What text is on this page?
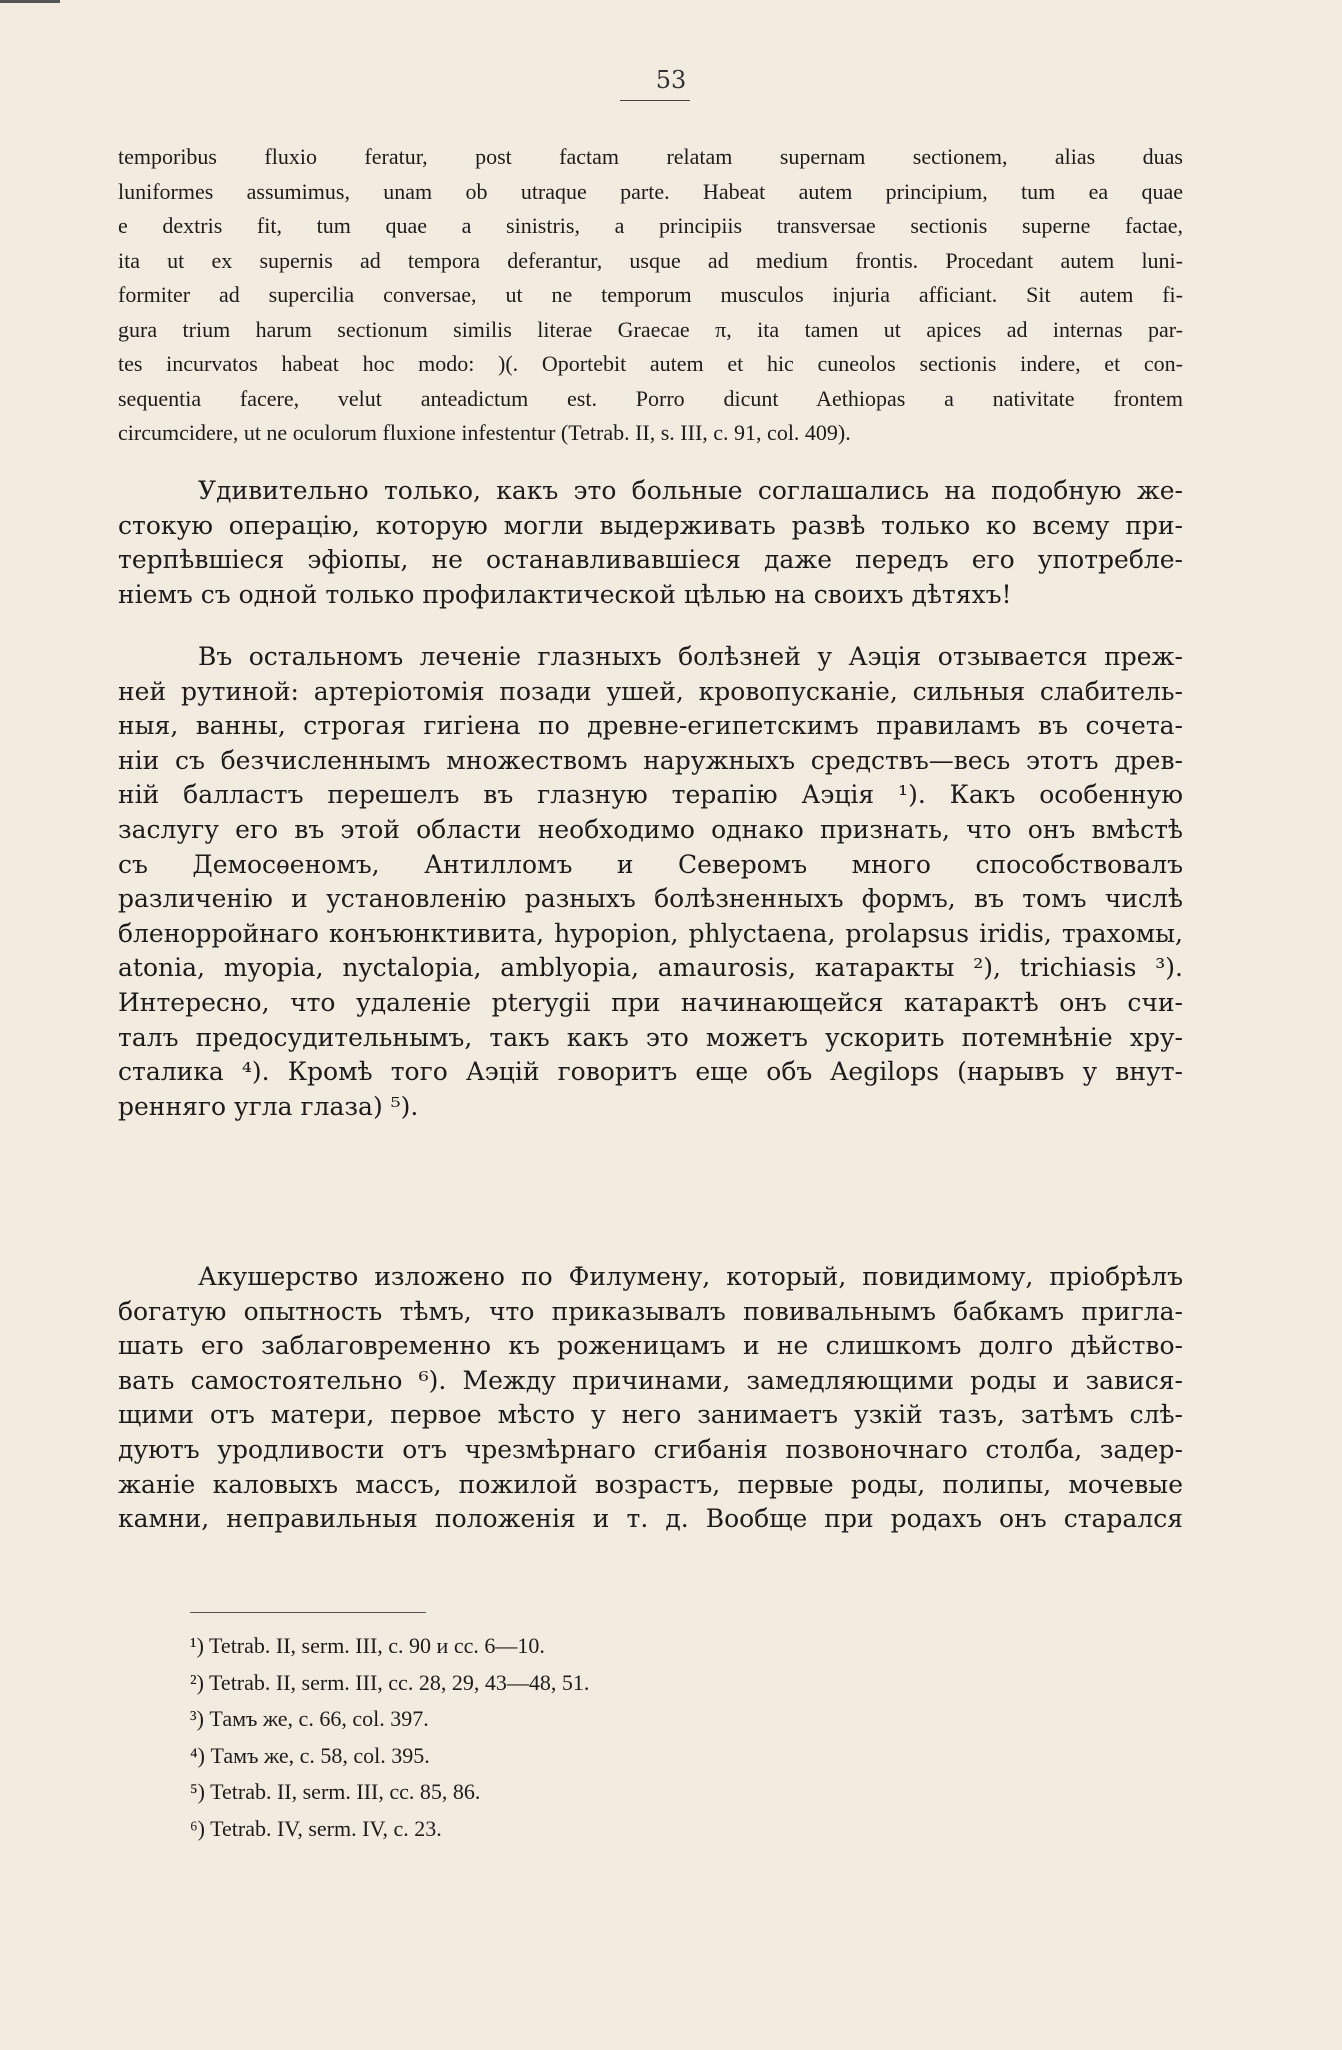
53
temporibus fluxio feratur, post factam relatam supernam sectionem, alias duas
luniformes assumimus, unam ob utraque parte. Habeat autem principium, tum ea quae
e dextris fit, tum quae a sinistris, a principiis transversae sectionis superne factae,
ita ut ex supernis ad tempora deferantur, usque ad medium frontis. Procedant autem luni-
formiter ad supercilia conversae, ut ne temporum musculos injuria afficiant. Sit autem fi-
gura trium harum sectionum similis literae Graecae π, ita tamen ut apices ad internas par-
tes incurvatos habeat hoc modo: )(. Oportebit autem et hic cuneolos sectionis indere, et con-
sequentia facere, velut anteadictum est. Porro dicunt Aethiopas a nativitate frontem
circumcidere, ut ne oculorum fluxione infestentur (Tetrab. II, s. III, c. 91, col. 409).
Удивительно только, какъ это больные соглашались на подобную же-
стокую операцію, которую могли выдерживать развѣ только ко всему при-
терпѣвшіеся эфіопы, не останавливавшіеся даже передъ его употребле-
ніемъ съ одной только профилактической цѣлью на своихъ дѣтяхъ!
Въ остальномъ леченіе глазныхъ болѣзней у Аэція отзывается преж-
ней рутиной: артеріотомія позади ушей, кровопусканіе, сильныя слабитель-
ныя, ванны, строгая гигіена по древне-египетскимъ правиламъ въ сочета-
ніи съ безчисленнымъ множествомъ наружныхъ средствъ—весь этотъ древ-
ній балластъ перешелъ въ глазную терапію Аэція ¹). Какъ особенную
заслугу его въ этой области необходимо однако признать, что онъ вмѣстѣ
съ Демосѳеномъ, Антилломъ и Северомъ много способствовалъ
различенію и установленію разныхъ болѣзненныхъ формъ, въ томъ числѣ
бленорройнаго конъюнктивита, hypopion, phlyctaena, prolapsus iridis, трахомы,
atonia, myopia, nyctalopia, amblyopia, amaurosis, катаракты ²), trichiasis ³).
Интересно, что удаленіе pterygii при начинающейся катарактѣ онъ счи-
талъ предосудительнымъ, такъ какъ это можетъ ускорить потемнѣніе хру-
сталика ⁴). Кромѣ того Аэцій говоритъ еще объ Aegilops (нарывъ у внут-
ренняго угла глаза) ⁵).
Акушерство изложено по Филумену, который, повидимому, пріобрѣлъ
богатую опытность тѣмъ, что приказывалъ повивальнымъ бабкамъ пригла-
шать его заблаговременно къ роженицамъ и не слишкомъ долго дѣйство-
вать самостоятельно ⁶). Между причинами, замедляющими роды и завися-
щими отъ матери, первое мѣсто у него занимаетъ узкій тазъ, затѣмъ слѣ-
дуютъ уродливости отъ чрезмѣрнаго сгибанія позвоночнаго столба, задер-
жаніе каловыхъ массъ, пожилой возрастъ, первые роды, полипы, мочевые
камни, неправильныя положенія и т. д. Вообще при родахъ онъ старался
¹) Tetrab. II, serm. III, c. 90 и сс. 6—10.
²) Tetrab. II, serm. III, cc. 28, 29, 43—48, 51.
³) Тамъ же, с. 66, col. 397.
⁴) Тамъ же, с. 58, col. 395.
⁵) Tetrab. II, serm. III, cc. 85, 86.
⁶) Tetrab. IV, serm. IV, c. 23.
